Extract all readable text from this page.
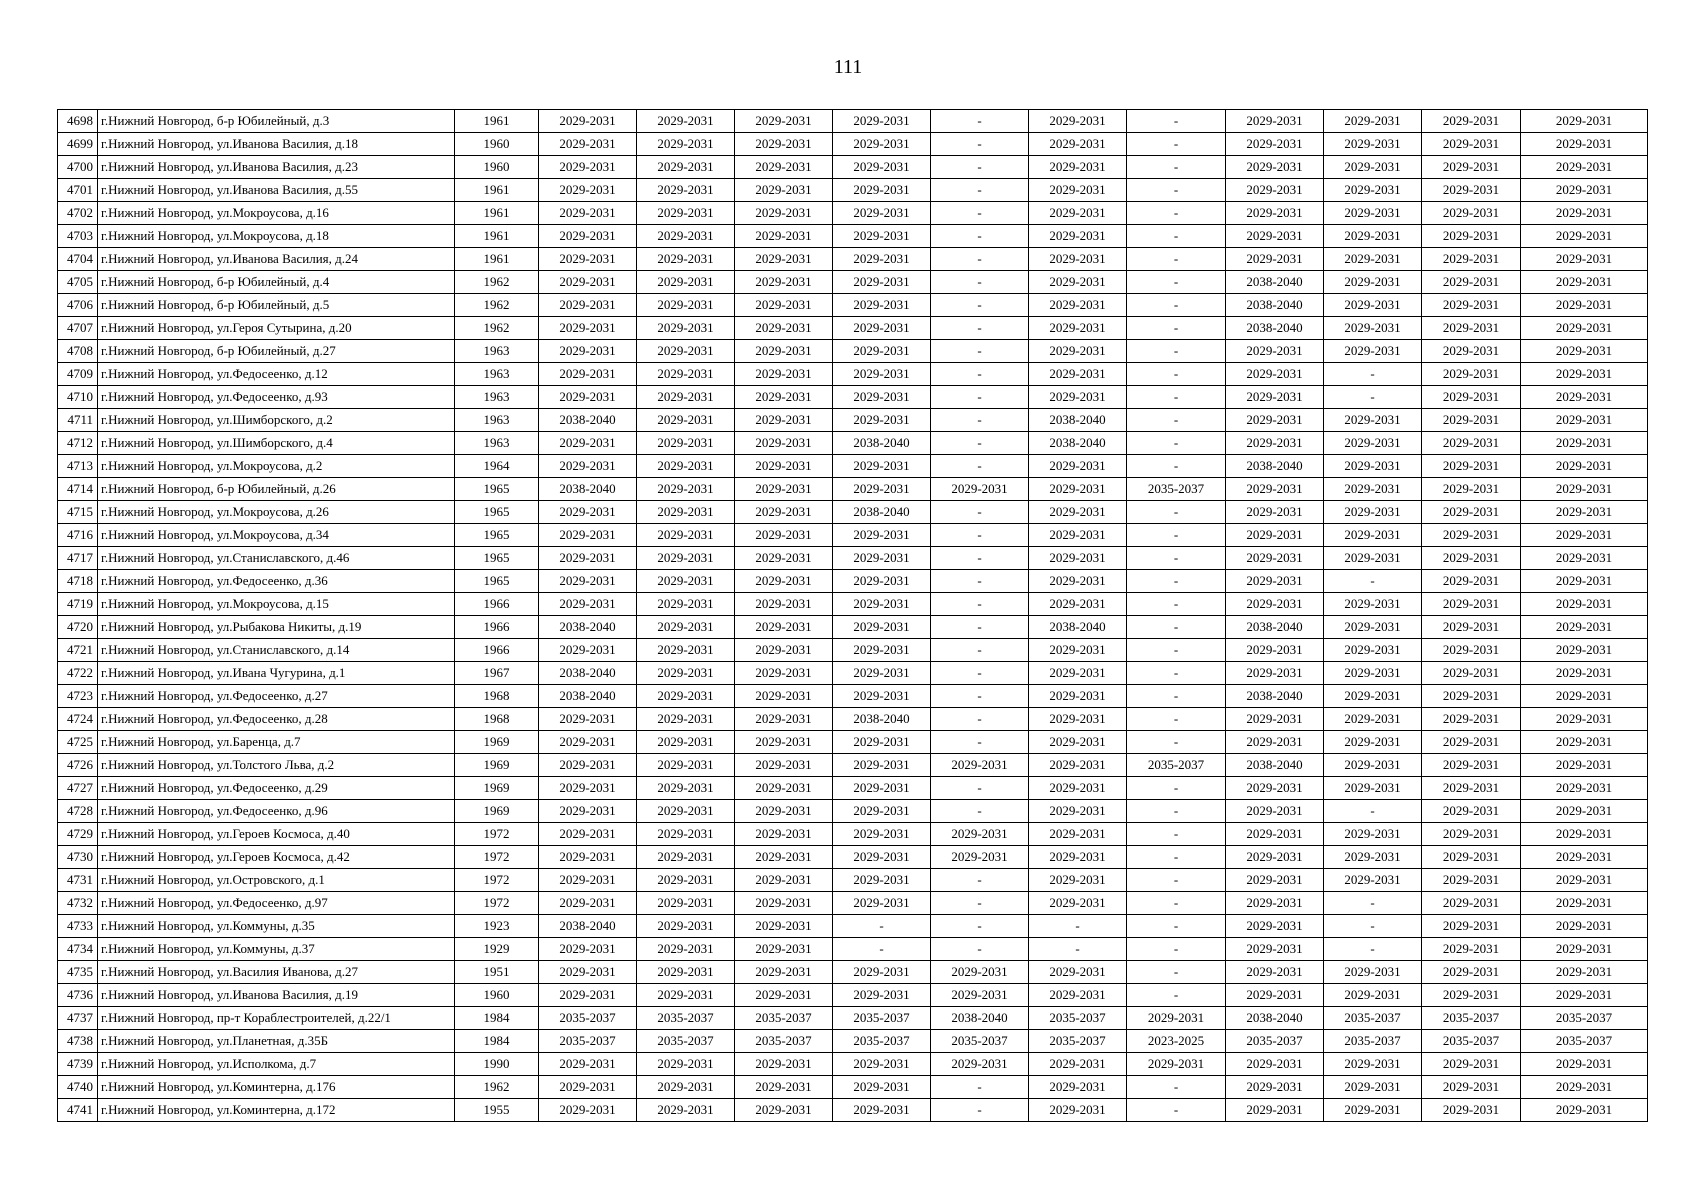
111
4698	г.Нижний Новгород, б-р Юбилейный, д.3	1961	2029-2031	2029-2031	2029-2031	2029-2031	-	2029-2031	-	2029-2031	2029-2031	2029-2031	2029-2031
4699	г.Нижний Новгород, ул.Иванова Василия, д.18	1960	2029-2031	2029-2031	2029-2031	2029-2031	-	2029-2031	-	2029-2031	2029-2031	2029-2031	2029-2031
4700	г.Нижний Новгород, ул.Иванова Василия, д.23	1960	2029-2031	2029-2031	2029-2031	2029-2031	-	2029-2031	-	2029-2031	2029-2031	2029-2031	2029-2031
4701	г.Нижний Новгород, ул.Иванова Василия, д.55	1961	2029-2031	2029-2031	2029-2031	2029-2031	-	2029-2031	-	2029-2031	2029-2031	2029-2031	2029-2031
4702	г.Нижний Новгород, ул.Мокроусова, д.16	1961	2029-2031	2029-2031	2029-2031	2029-2031	-	2029-2031	-	2029-2031	2029-2031	2029-2031	2029-2031
4703	г.Нижний Новгород, ул.Мокроусова, д.18	1961	2029-2031	2029-2031	2029-2031	2029-2031	-	2029-2031	-	2029-2031	2029-2031	2029-2031	2029-2031
4704	г.Нижний Новгород, ул.Иванова Василия, д.24	1961	2029-2031	2029-2031	2029-2031	2029-2031	-	2029-2031	-	2029-2031	2029-2031	2029-2031	2029-2031
4705	г.Нижний Новгород, б-р Юбилейный, д.4	1962	2029-2031	2029-2031	2029-2031	2029-2031	-	2029-2031	-	2038-2040	2029-2031	2029-2031	2029-2031
4706	г.Нижний Новгород, б-р Юбилейный, д.5	1962	2029-2031	2029-2031	2029-2031	2029-2031	-	2029-2031	-	2038-2040	2029-2031	2029-2031	2029-2031
4707	г.Нижний Новгород, ул.Героя Сутырина, д.20	1962	2029-2031	2029-2031	2029-2031	2029-2031	-	2029-2031	-	2038-2040	2029-2031	2029-2031	2029-2031
4708	г.Нижний Новгород, б-р Юбилейный, д.27	1963	2029-2031	2029-2031	2029-2031	2029-2031	-	2029-2031	-	2029-2031	2029-2031	2029-2031	2029-2031
4709	г.Нижний Новгород, ул.Федосеенко, д.12	1963	2029-2031	2029-2031	2029-2031	2029-2031	-	2029-2031	-	2029-2031	-	2029-2031	2029-2031
4710	г.Нижний Новгород, ул.Федосеенко, д.93	1963	2029-2031	2029-2031	2029-2031	2029-2031	-	2029-2031	-	2029-2031	-	2029-2031	2029-2031
4711	г.Нижний Новгород, ул.Шимборского, д.2	1963	2038-2040	2029-2031	2029-2031	2029-2031	-	2038-2040	-	2029-2031	2029-2031	2029-2031	2029-2031
4712	г.Нижний Новгород, ул.Шимборского, д.4	1963	2029-2031	2029-2031	2029-2031	2038-2040	-	2038-2040	-	2029-2031	2029-2031	2029-2031	2029-2031
4713	г.Нижний Новгород, ул.Мокроусова, д.2	1964	2029-2031	2029-2031	2029-2031	2029-2031	-	2029-2031	-	2038-2040	2029-2031	2029-2031	2029-2031
4714	г.Нижний Новгород, б-р Юбилейный, д.26	1965	2038-2040	2029-2031	2029-2031	2029-2031	2029-2031	2029-2031	2035-2037	2029-2031	2029-2031	2029-2031	2029-2031
4715	г.Нижний Новгород, ул.Мокроусова, д.26	1965	2029-2031	2029-2031	2029-2031	2038-2040	-	2029-2031	-	2029-2031	2029-2031	2029-2031	2029-2031
4716	г.Нижний Новгород, ул.Мокроусова, д.34	1965	2029-2031	2029-2031	2029-2031	2029-2031	-	2029-2031	-	2029-2031	2029-2031	2029-2031	2029-2031
4717	г.Нижний Новгород, ул.Станиславского, д.46	1965	2029-2031	2029-2031	2029-2031	2029-2031	-	2029-2031	-	2029-2031	2029-2031	2029-2031	2029-2031
4718	г.Нижний Новгород, ул.Федосеенко, д.36	1965	2029-2031	2029-2031	2029-2031	2029-2031	-	2029-2031	-	2029-2031	-	2029-2031	2029-2031
4719	г.Нижний Новгород, ул.Мокроусова, д.15	1966	2029-2031	2029-2031	2029-2031	2029-2031	-	2029-2031	-	2029-2031	2029-2031	2029-2031	2029-2031
4720	г.Нижний Новгород, ул.Рыбакова Никиты, д.19	1966	2038-2040	2029-2031	2029-2031	2029-2031	-	2038-2040	-	2038-2040	2029-2031	2029-2031	2029-2031
4721	г.Нижний Новгород, ул.Станиславского, д.14	1966	2029-2031	2029-2031	2029-2031	2029-2031	-	2029-2031	-	2029-2031	2029-2031	2029-2031	2029-2031
4722	г.Нижний Новгород, ул.Ивана Чугурина, д.1	1967	2038-2040	2029-2031	2029-2031	2029-2031	-	2029-2031	-	2029-2031	2029-2031	2029-2031	2029-2031
4723	г.Нижний Новгород, ул.Федосеенко, д.27	1968	2038-2040	2029-2031	2029-2031	2029-2031	-	2029-2031	-	2038-2040	2029-2031	2029-2031	2029-2031
4724	г.Нижний Новгород, ул.Федосеенко, д.28	1968	2029-2031	2029-2031	2029-2031	2038-2040	-	2029-2031	-	2029-2031	2029-2031	2029-2031	2029-2031
4725	г.Нижний Новгород, ул.Баренца, д.7	1969	2029-2031	2029-2031	2029-2031	2029-2031	-	2029-2031	-	2029-2031	2029-2031	2029-2031	2029-2031
4726	г.Нижний Новгород, ул.Толстого Льва, д.2	1969	2029-2031	2029-2031	2029-2031	2029-2031	2029-2031	2029-2031	2035-2037	2038-2040	2029-2031	2029-2031	2029-2031
4727	г.Нижний Новгород, ул.Федосеенко, д.29	1969	2029-2031	2029-2031	2029-2031	2029-2031	-	2029-2031	-	2029-2031	2029-2031	2029-2031	2029-2031
4728	г.Нижний Новгород, ул.Федосеенко, д.96	1969	2029-2031	2029-2031	2029-2031	2029-2031	-	2029-2031	-	2029-2031	-	2029-2031	2029-2031
4729	г.Нижний Новгород, ул.Героев Космоса, д.40	1972	2029-2031	2029-2031	2029-2031	2029-2031	2029-2031	2029-2031	-	2029-2031	2029-2031	2029-2031	2029-2031
4730	г.Нижний Новгород, ул.Героев Космоса, д.42	1972	2029-2031	2029-2031	2029-2031	2029-2031	2029-2031	2029-2031	-	2029-2031	2029-2031	2029-2031	2029-2031
4731	г.Нижний Новгород, ул.Островского, д.1	1972	2029-2031	2029-2031	2029-2031	2029-2031	-	2029-2031	-	2029-2031	2029-2031	2029-2031	2029-2031
4732	г.Нижний Новгород, ул.Федосеенко, д.97	1972	2029-2031	2029-2031	2029-2031	2029-2031	-	2029-2031	-	2029-2031	-	2029-2031	2029-2031
4733	г.Нижний Новгород, ул.Коммуны, д.35	1923	2038-2040	2029-2031	2029-2031	-	-	-	-	2029-2031	-	2029-2031	2029-2031
4734	г.Нижний Новгород, ул.Коммуны, д.37	1929	2029-2031	2029-2031	2029-2031	-	-	-	-	2029-2031	-	2029-2031	2029-2031
4735	г.Нижний Новгород, ул.Василия Иванова, д.27	1951	2029-2031	2029-2031	2029-2031	2029-2031	2029-2031	2029-2031	-	2029-2031	2029-2031	2029-2031	2029-2031
4736	г.Нижний Новгород, ул.Иванова Василия, д.19	1960	2029-2031	2029-2031	2029-2031	2029-2031	2029-2031	2029-2031	-	2029-2031	2029-2031	2029-2031	2029-2031
4737	г.Нижний Новгород, пр-т Кораблестроителей, д.22/1	1984	2035-2037	2035-2037	2035-2037	2035-2037	2038-2040	2035-2037	2029-2031	2038-2040	2035-2037	2035-2037	2035-2037
4738	г.Нижний Новгород, ул.Планетная, д.35Б	1984	2035-2037	2035-2037	2035-2037	2035-2037	2035-2037	2035-2037	2023-2025	2035-2037	2035-2037	2035-2037	2035-2037
4739	г.Нижний Новгород, ул.Исполкома, д.7	1990	2029-2031	2029-2031	2029-2031	2029-2031	2029-2031	2029-2031	2029-2031	2029-2031	2029-2031	2029-2031	2029-2031
4740	г.Нижний Новгород, ул.Коминтерна, д.176	1962	2029-2031	2029-2031	2029-2031	2029-2031	-	2029-2031	-	2029-2031	2029-2031	2029-2031	2029-2031
4741	г.Нижний Новгород, ул.Коминтерна, д.172	1955	2029-2031	2029-2031	2029-2031	2029-2031	-	2029-2031	-	2029-2031	2029-2031	2029-2031	2029-2031
